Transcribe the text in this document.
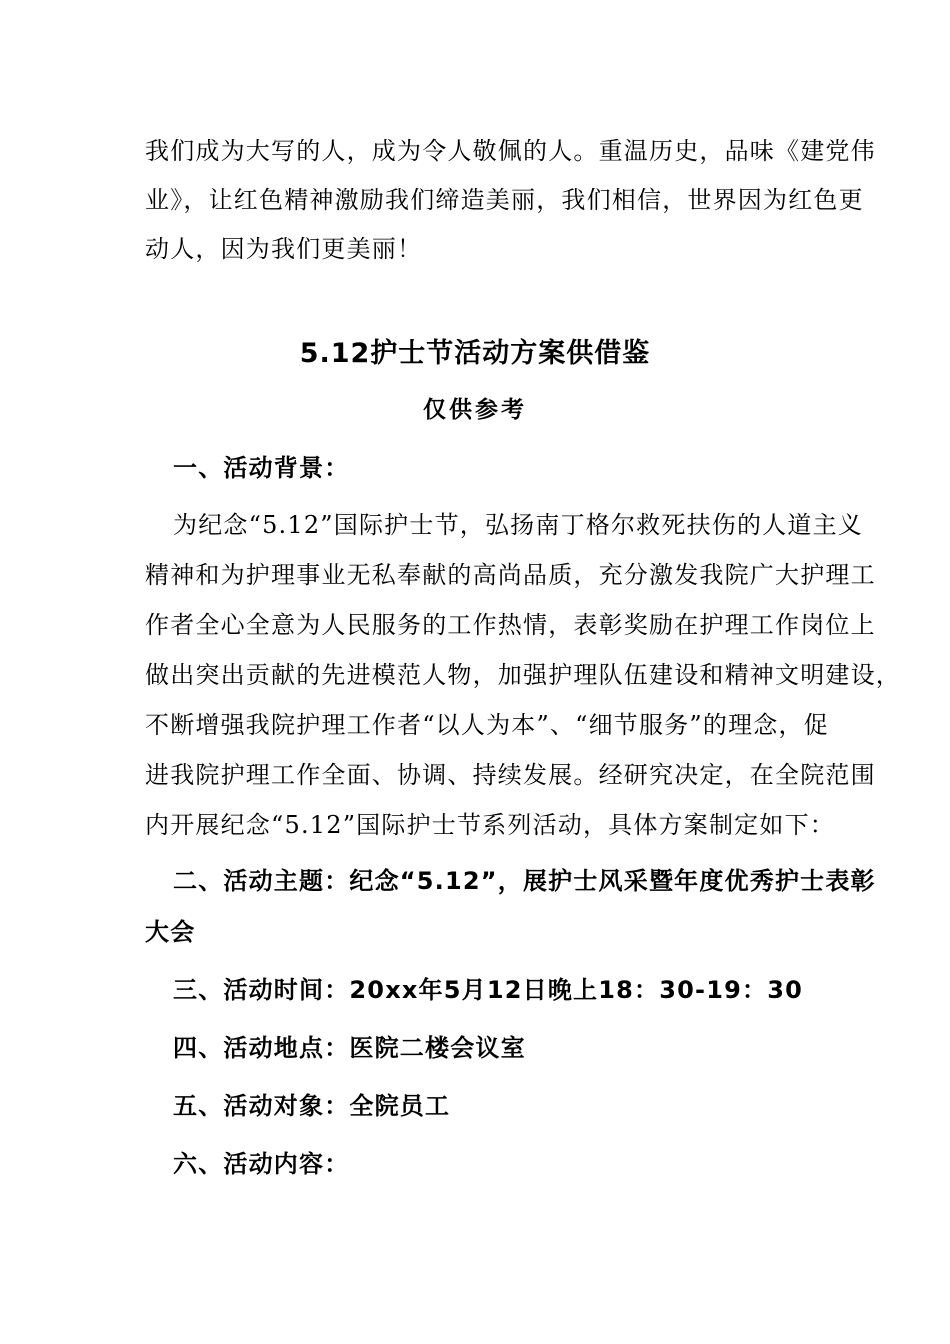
我们成为大写的人，成为令人敬佩的人。重温历史，品味《建党伟
业》，让红色精神激励我们缔造美丽，我们相信，世界因为红色更
动人，因为我们更美丽！
5.12护士节活动方案供借鉴
仅供参考
一、活动背景：
为纪念“5.12”国际护士节，弘扬南丁格尔救死扶伤的人道主义
精神和为护理事业无私奉献的高尚品质，充分激发我院广大护理工
作者全心全意为人民服务的工作热情，表彰奖励在护理工作岗位上
做出突出贡献的先进模范人物，加强护理队伍建设和精神文明建设，
不断增强我院护理工作者“以人为本”、“细节服务”的理念，促
进我院护理工作全面、协调、持续发展。经研究决定，在全院范围
内开展纪念“5.12”国际护士节系列活动，具体方案制定如下：
二、活动主题：纪念“5.12”，展护士风采暨年度优秀护士表彰
大会
三、活动时间：20xx年5月12日晚上18：30-19：30
四、活动地点：医院二楼会议室
五、活动对象：全院员工
六、活动内容：
